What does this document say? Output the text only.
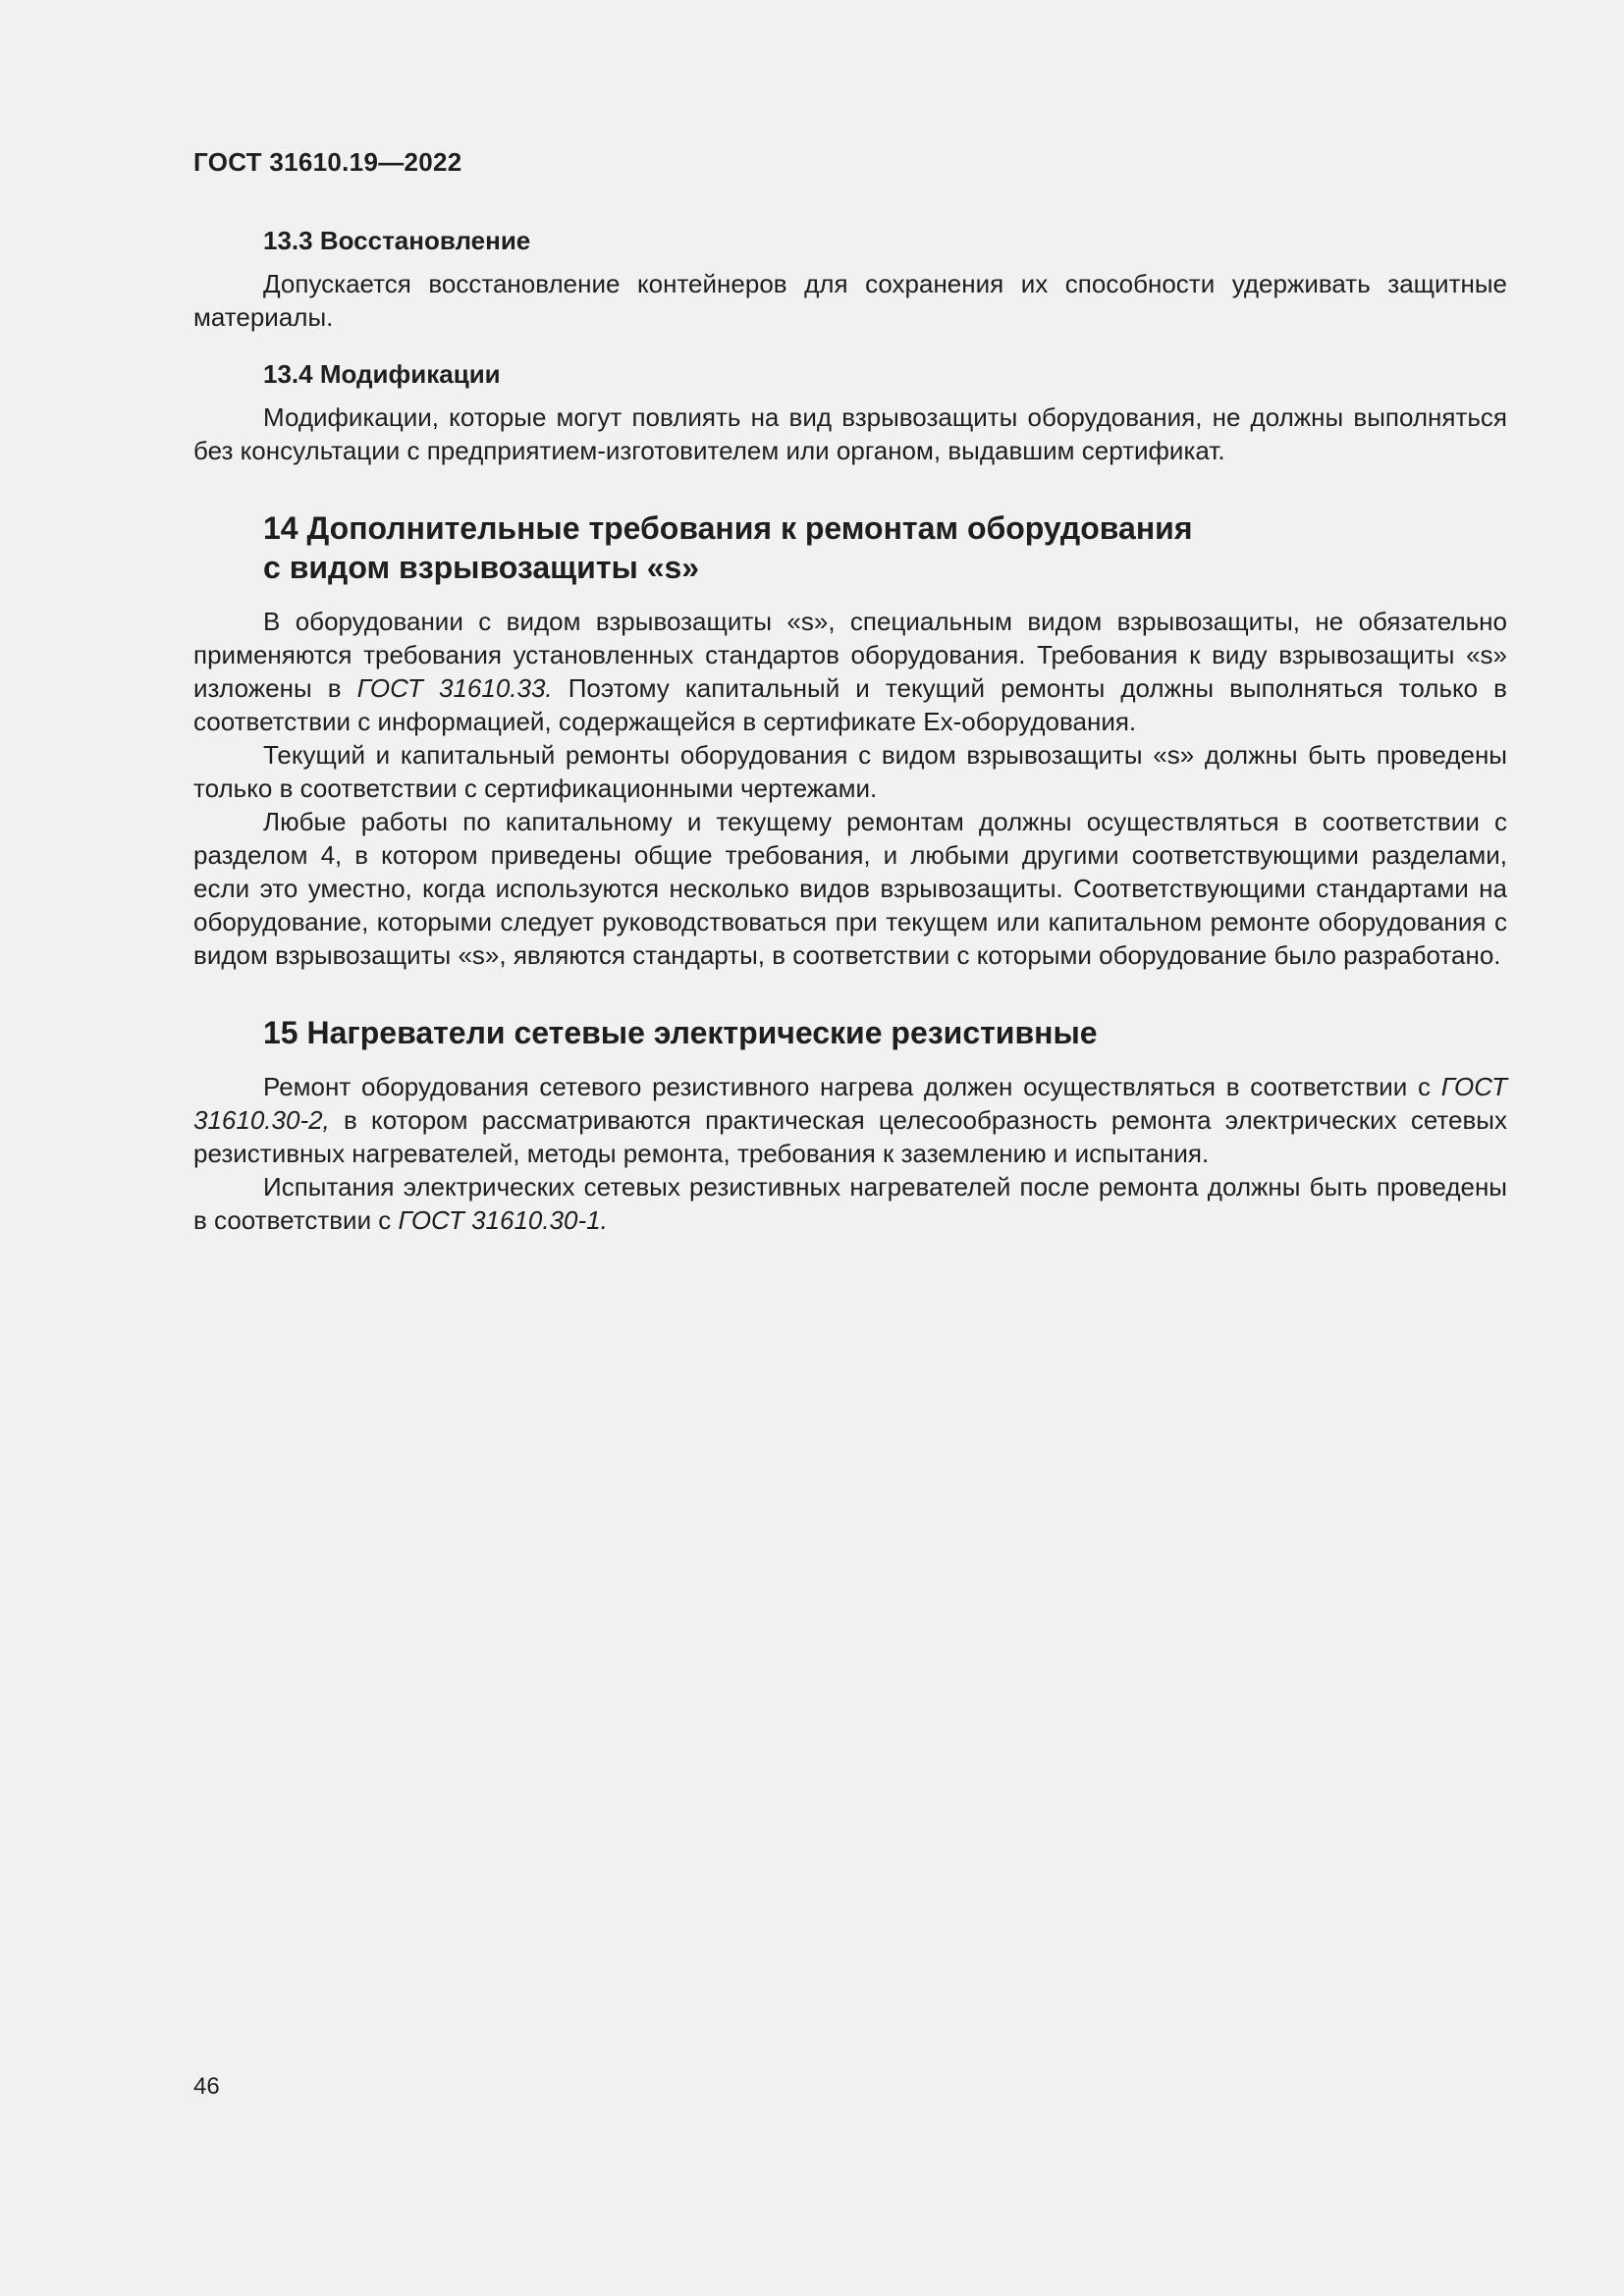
ГОСТ 31610.19—2022
13.3 Восстановление

Допускается восстановление контейнеров для сохранения их способности удерживать защитные материалы.

13.4 Модификации

Модификации, которые могут повлиять на вид взрывозащиты оборудования, не должны выполняться без консультации с предприятием-изготовителем или органом, выдавшим сертификат.

14 Дополнительные требования к ремонтам оборудования
с видом взрывозащиты «s»

В оборудовании с видом взрывозащиты «s», специальным видом взрывозащиты, не обязательно применяются требования установленных стандартов оборудования. Требования к виду взрывозащиты «s» изложены в ГОСТ 31610.33. Поэтому капитальный и текущий ремонты должны выполняться только в соответствии с информацией, содержащейся в сертификате Ex-оборудования.

Текущий и капитальный ремонты оборудования с видом взрывозащиты «s» должны быть проведены только в соответствии с сертификационными чертежами.

Любые работы по капитальному и текущему ремонтам должны осуществляться в соответствии с разделом 4, в котором приведены общие требования, и любыми другими соответствующими разделами, если это уместно, когда используются несколько видов взрывозащиты. Соответствующими стандартами на оборудование, которыми следует руководствоваться при текущем или капитальном ремонте оборудования с видом взрывозащиты «s», являются стандарты, в соответствии с которыми оборудование было разработано.

15 Нагреватели сетевые электрические резистивные

Ремонт оборудования сетевого резистивного нагрева должен осуществляться в соответствии с ГОСТ 31610.30-2, в котором рассматриваются практическая целесообразность ремонта электрических сетевых резистивных нагревателей, методы ремонта, требования к заземлению и испытания.

Испытания электрических сетевых резистивных нагревателей после ремонта должны быть проведены в соответствии с ГОСТ 31610.30-1.

46
